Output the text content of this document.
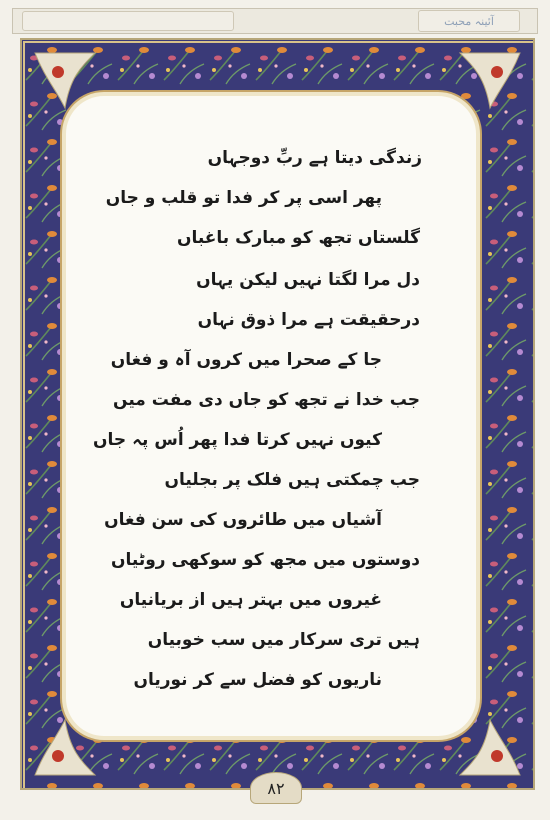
آئینہ محبت
زندگی دیتا ہے ربِّ دوجہاں
پھر اسی پر کر فدا تو قلب و جاں
گلستاں تجھ کو مبارک باغباں
دل مرا لگتا نہیں لیکن یہاں
درحقیقت ہے مرا ذوق نہاں
جا کے صحرا میں کروں آہ و فغاں
جب خدا نے تجھ کو جاں دی مفت میں
کیوں نہیں کرتا فدا پھر اُس پہ جاں
جب چمکتی ہیں فلک پر بجلیاں
آشیاں میں طائروں کی سن فغاں
دوستوں میں مجھ کو سوکھی روٹیاں
غیروں میں بہتر ہیں از بریانیاں
ہیں تری سرکار میں سب خوبیاں
ناریوں کو فضل سے کر نوریاں
۸۲
